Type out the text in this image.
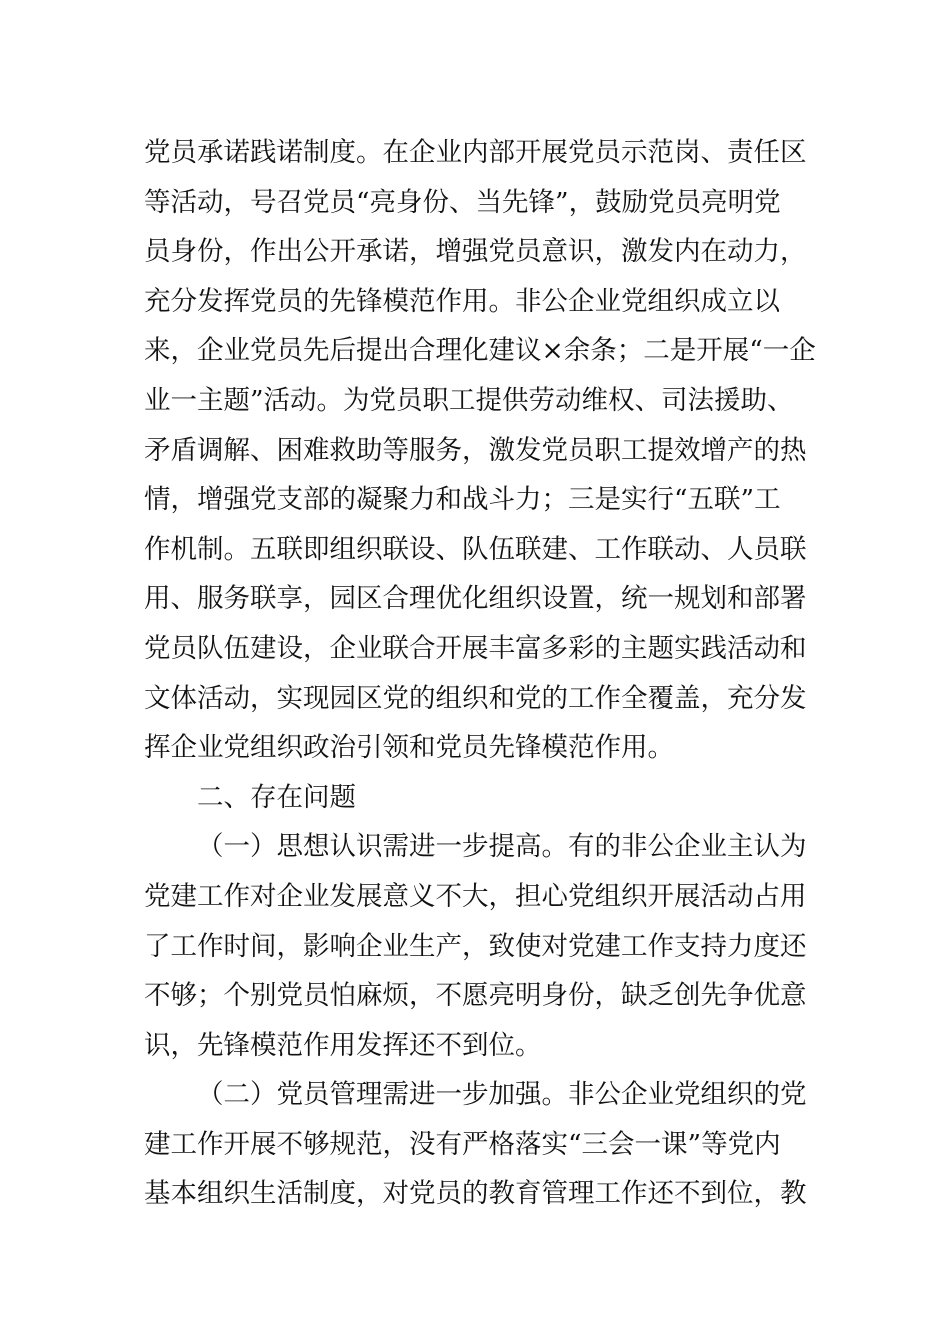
党员承诺践诺制度。在企业内部开展党员示范岗、责任区
等活动，号召党员“亮身份、当先锋”，鼓励党员亮明党
员身份，作出公开承诺，增强党员意识，激发内在动力，
充分发挥党员的先锋模范作用。非公企业党组织成立以
来，企业党员先后提出合理化建议×余条；二是开展“一企
业一主题”活动。为党员职工提供劳动维权、司法援助、
矛盾调解、困难救助等服务，激发党员职工提效增产的热
情，增强党支部的凝聚力和战斗力；三是实行“五联”工
作机制。五联即组织联设、队伍联建、工作联动、人员联
用、服务联享，园区合理优化组织设置，统一规划和部署
党员队伍建设，企业联合开展丰富多彩的主题实践活动和
文体活动，实现园区党的组织和党的工作全覆盖，充分发
挥企业党组织政治引领和党员先锋模范作用。
二、存在问题
（一）思想认识需进一步提高。有的非公企业主认为
党建工作对企业发展意义不大，担心党组织开展活动占用
了工作时间，影响企业生产，致使对党建工作支持力度还
不够；个别党员怕麻烦，不愿亮明身份，缺乏创先争优意
识，先锋模范作用发挥还不到位。
（二）党员管理需进一步加强。非公企业党组织的党
建工作开展不够规范，没有严格落实“三会一课”等党内
基本组织生活制度，对党员的教育管理工作还不到位，教
